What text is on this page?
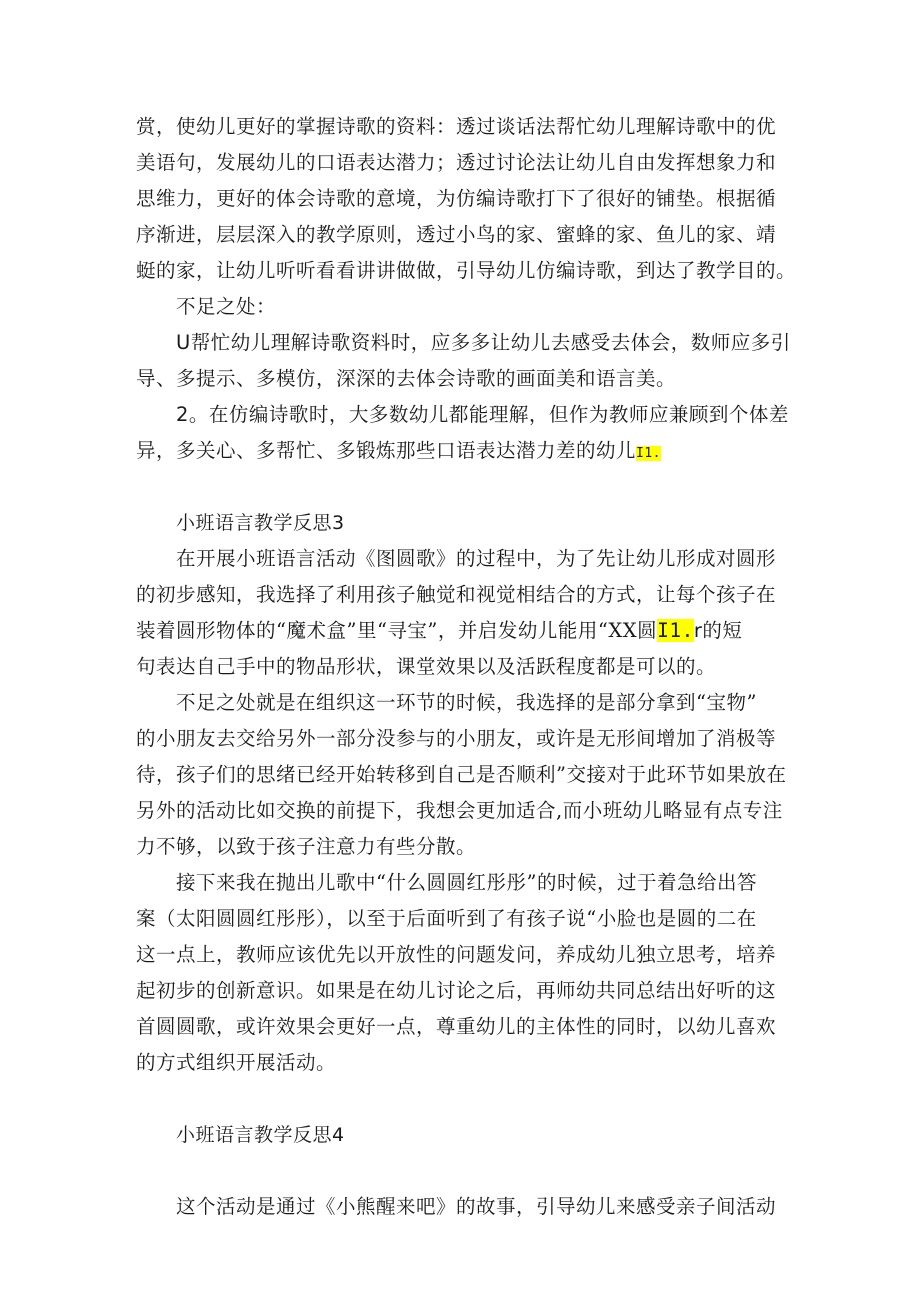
赏，使幼儿更好的掌握诗歌的资料：透过谈话法帮忙幼儿理解诗歌中的优
美语句，发展幼儿的口语表达潜力；透过讨论法让幼儿自由发挥想象力和
思维力，更好的体会诗歌的意境，为仿编诗歌打下了很好的铺垫。根据循
序渐进，层层深入的教学原则，透过小鸟的家、蜜蜂的家、鱼儿的家、靖
蜓的家，让幼儿听听看看讲讲做做，引导幼儿仿编诗歌，到达了教学目的。
不足之处：
U帮忙幼儿理解诗歌资料时，应多多让幼儿去感受去体会，数师应多引
导、多提示、多模仿，深深的去体会诗歌的画面美和语言美。
2。在仿编诗歌时，大多数幼儿都能理解，但作为教师应兼顾到个体差
异，多关心、多帮忙、多锻炼那些口语表达潜力差的幼儿I1.
小班语言教学反思3
在开展小班语言活动《图圆歌》的过程中，为了先让幼儿形成对圆形
的初步感知，我选择了利用孩子触觉和视觉相结合的方式，让每个孩子在
装着圆形物体的“魔术盒”里“寻宝”，并启发幼儿能用“XX圆I1.r的短
句表达自己手中的物品形状，课堂效果以及活跃程度都是可以的。
不足之处就是在组织这一环节的时候，我选择的是部分拿到“宝物”
的小朋友去交给另外一部分没参与的小朋友，或许是无形间增加了消极等
待，孩子们的思绪已经开始转移到自己是否顺利”交接对于此环节如果放在
另外的活动比如交换的前提下，我想会更加适合,而小班幼儿略显有点专注
力不够，以致于孩子注意力有些分散。
接下来我在抛出儿歌中“什么圆圆红彤彤”的时候，过于着急给出答
案（太阳圆圆红彤彤），以至于后面听到了有孩子说“小脸也是圆的二在
这一点上，教师应该优先以开放性的问题发问，养成幼儿独立思考，培养
起初步的创新意识。如果是在幼儿讨论之后，再师幼共同总结出好听的这
首圆圆歌，或许效果会更好一点，尊重幼儿的主体性的同时，以幼儿喜欢
的方式组织开展活动。
小班语言教学反思4
这个活动是通过《小熊醒来吧》的故事，引导幼儿来感受亲子间活动
